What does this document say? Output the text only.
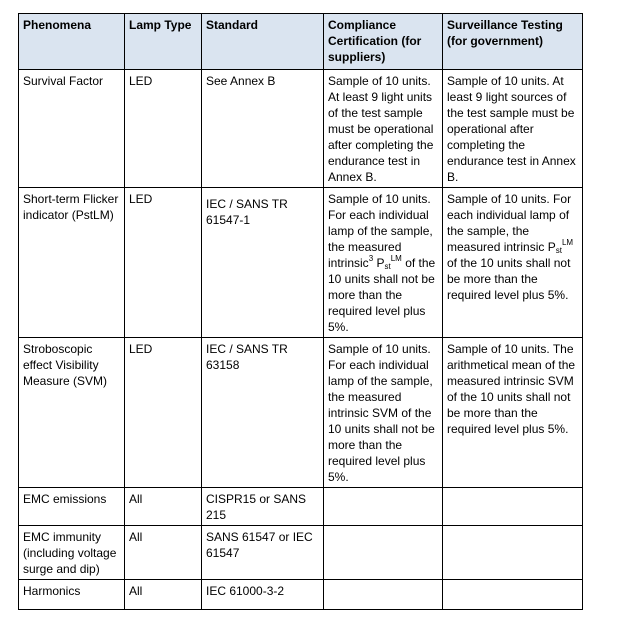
Phenomena	Lamp Type	Standard	Compliance Certification (for suppliers)	Surveillance Testing (for government)
Survival Factor	LED	See Annex B	Sample of 10 units. At least 9 light units of the test sample must be operational after completing the endurance test in Annex B.	Sample of 10 units. At least 9 light sources of the test sample must be operational after completing the endurance test in Annex B.
Short-term Flicker indicator (PstLM)	LED	IEC / SANS TR 61547-1	Sample of 10 units. For each individual lamp of the sample, the measured intrinsic$^3$ $P_{st}^{LM}$ of the 10 units shall not be more than the required level plus 5%.	Sample of 10 units. For each individual lamp of the sample, the measured intrinsic $P_{st}^{LM}$ of the 10 units shall not be more than the required level plus 5%.
Stroboscopic effect Visibility Measure (SVM)	LED	IEC / SANS TR 63158	Sample of 10 units. For each individual lamp of the sample, the measured intrinsic SVM of the 10 units shall not be more than the required level plus 5%.	Sample of 10 units. The arithmetical mean of the measured intrinsic SVM of the 10 units shall not be more than the required level plus 5%.
EMC emissions	All	CISPR15 or SANS 215		
EMC immunity (including voltage surge and dip)	All	SANS 61547 or IEC 61547		
Harmonics	All	IEC 61000-3-2		
